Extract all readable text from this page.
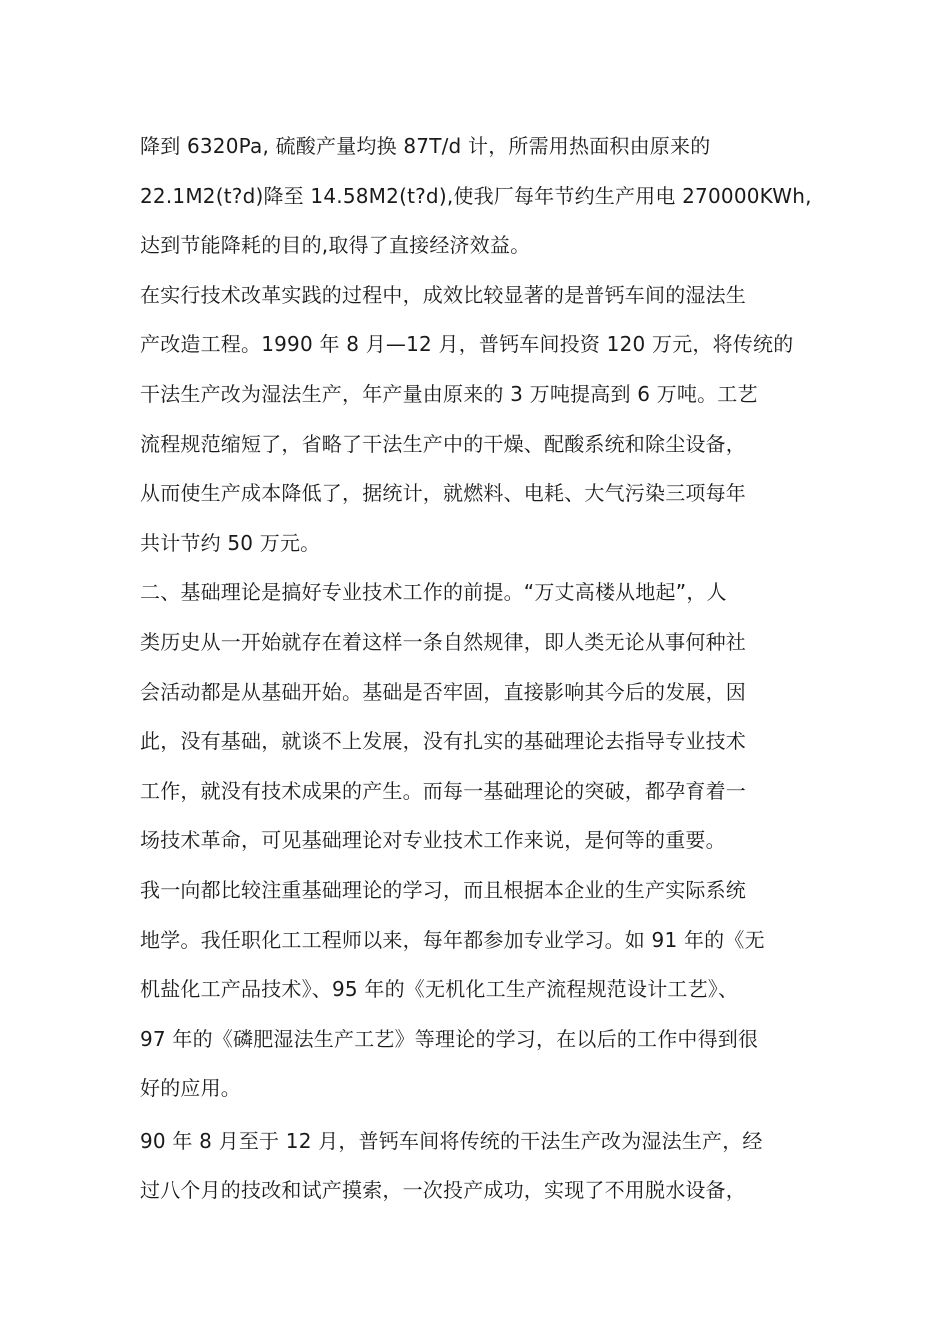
降到 6320Pa, 硫酸产量均换 87T/d 计，所需用热面积由原来的
22.1M2(t?d)降至 14.58M2(t?d),使我厂每年节约生产用电 270000KWh,
达到节能降耗的目的,取得了直接经济效益。
在实行技术改革实践的过程中，成效比较显著的是普钙车间的湿法生
产改造工程。1990 年 8 月—12 月，普钙车间投资 120 万元，将传统的
干法生产改为湿法生产，年产量由原来的 3 万吨提高到 6 万吨。工艺
流程规范缩短了，省略了干法生产中的干燥、配酸系统和除尘设备，
从而使生产成本降低了，据统计，就燃料、电耗、大气污染三项每年
共计节约 50 万元。
二、基础理论是搞好专业技术工作的前提。“万丈高楼从地起”，人
类历史从一开始就存在着这样一条自然规律，即人类无论从事何种社
会活动都是从基础开始。基础是否牢固，直接影响其今后的发展，因
此，没有基础，就谈不上发展，没有扎实的基础理论去指导专业技术
工作，就没有技术成果的产生。而每一基础理论的突破，都孕育着一
场技术革命，可见基础理论对专业技术工作来说，是何等的重要。
我一向都比较注重基础理论的学习，而且根据本企业的生产实际系统
地学。我任职化工工程师以来，每年都参加专业学习。如 91 年的《无
机盐化工产品技术》、95 年的《无机化工生产流程规范设计工艺》、
97 年的《磷肥湿法生产工艺》等理论的学习，在以后的工作中得到很
好的应用。
90 年 8 月至于 12 月，普钙车间将传统的干法生产改为湿法生产，经
过八个月的技改和试产摸索，一次投产成功，实现了不用脱水设备，
